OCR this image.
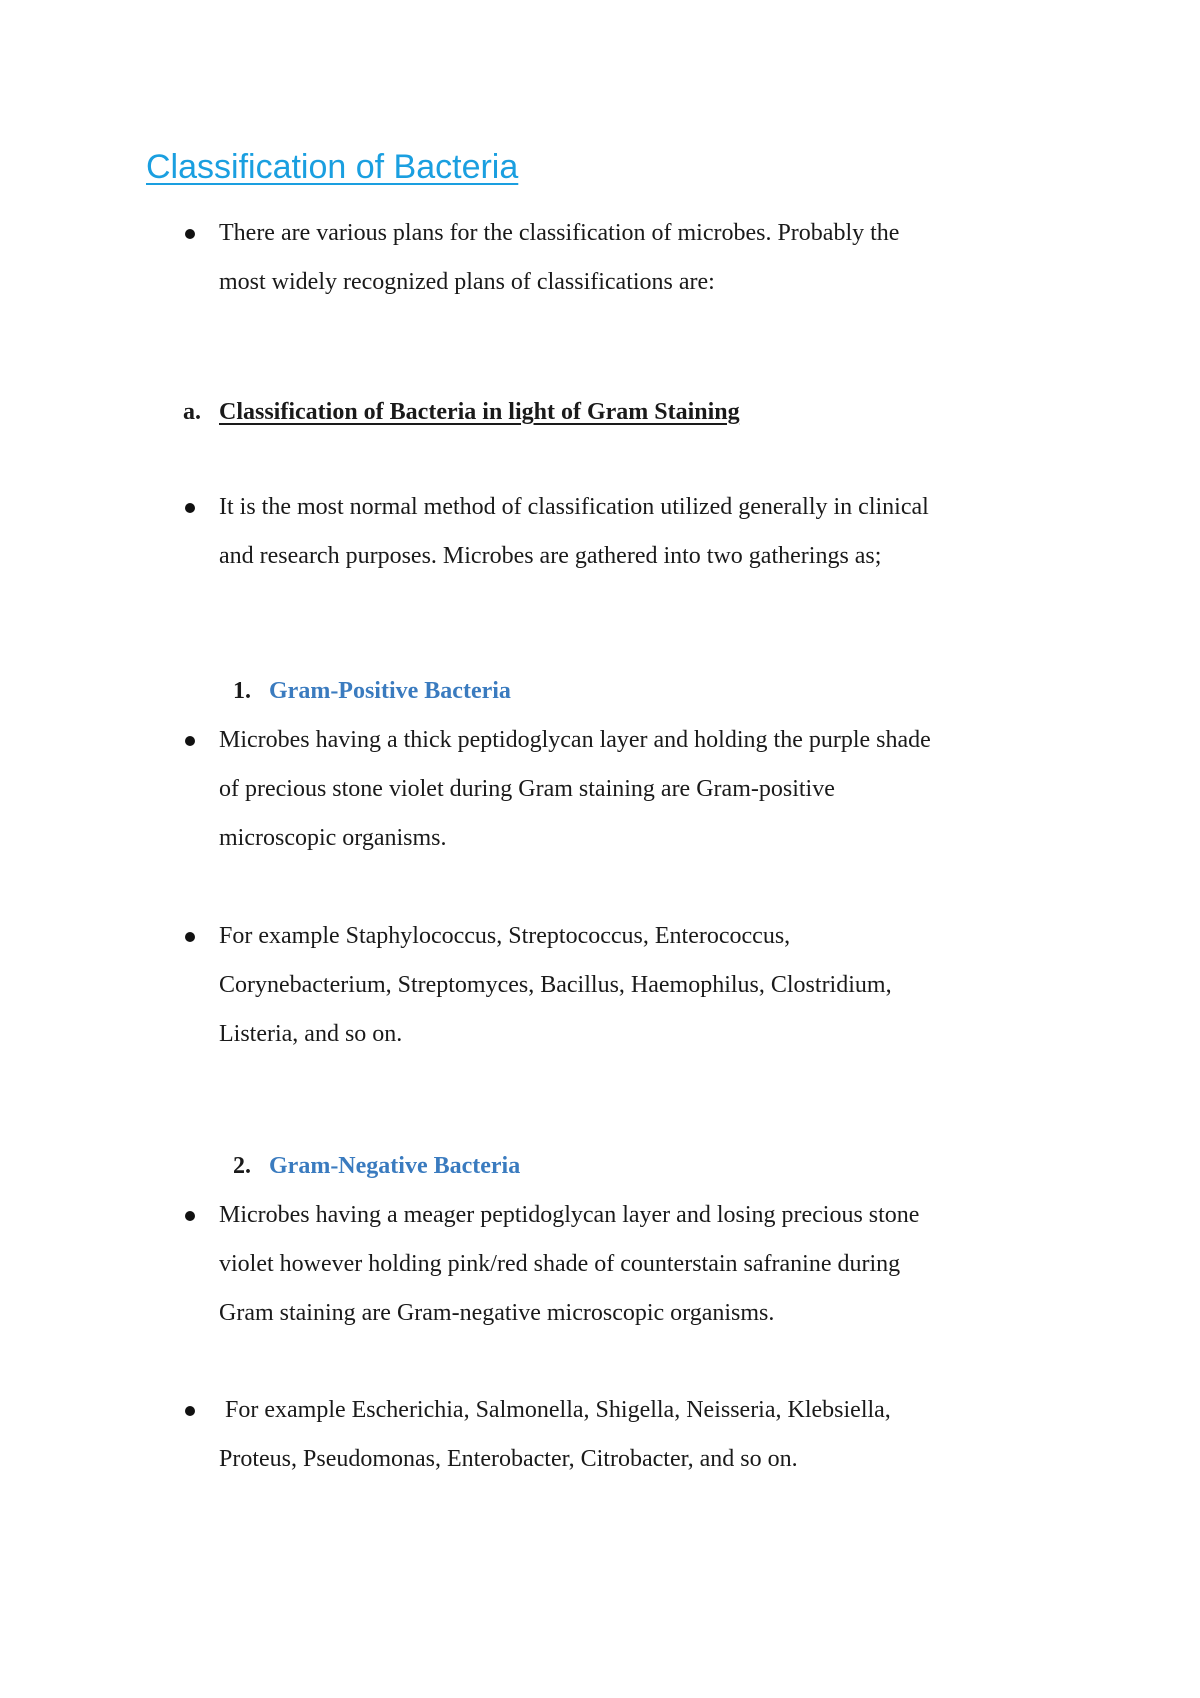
Classification of Bacteria

There are various plans for the classification of microbes. Probably the
most widely recognized plans of classifications are:

a. Classification of Bacteria in light of Gram Staining

It is the most normal method of classification utilized generally in clinical
and research purposes. Microbes are gathered into two gatherings as;

1. Gram-Positive Bacteria

Microbes having a thick peptidoglycan layer and holding the purple shade
of precious stone violet during Gram staining are Gram-positive
microscopic organisms.

For example Staphylococcus, Streptococcus, Enterococcus,
Corynebacterium, Streptomyces, Bacillus, Haemophilus, Clostridium,
Listeria, and so on.

2. Gram-Negative Bacteria

Microbes having a meager peptidoglycan layer and losing precious stone
violet however holding pink/red shade of counterstain safranine during
Gram staining are Gram-negative microscopic organisms.

For example Escherichia, Salmonella, Shigella, Neisseria, Klebsiella,
Proteus, Pseudomonas, Enterobacter, Citrobacter, and so on.
